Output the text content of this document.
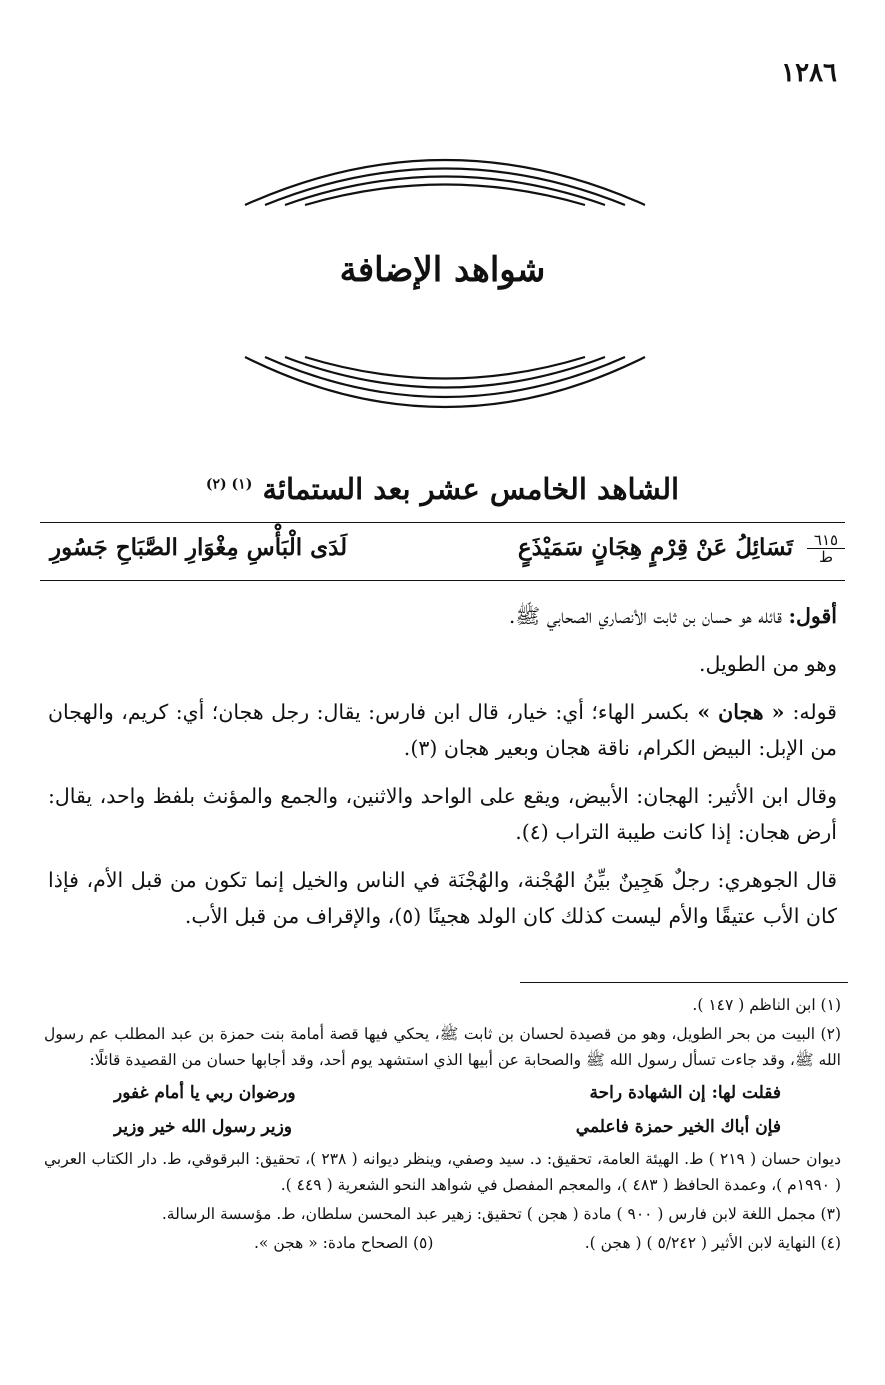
١٢٨٦
شواهد الإضافة
الشاهد الخامس عشر بعد الستمائة $^{(١) (٢)}$
٦١٥
ط
تَسَائِلُ عَنْ قِرْمٍ هِجَانٍ سَمَيْذَعٍ
لَدَى الْبَأْسِ مِغْوَارِ الصَّبَاحِ جَسُورِ

أقول: قائله هو حسان بن ثابت الأنصاري الصحابي ﷺ.

وهو من الطويل.

قوله: « هجان » بكسر الهاء؛ أي: خيار، قال ابن فارس: يقال: رجل هجان؛ أي: كريم، والهجان من الإبل: البيض الكرام، ناقة هجان وبعير هجان (٣).

وقال ابن الأثير: الهجان: الأبيض، ويقع على الواحد والاثنين، والجمع والمؤنث بلفظ واحد، يقال: أرض هجان: إذا كانت طيبة التراب (٤).

قال الجوهري: رجلٌ هَجِينٌ بيِّنُ الهُجْنة، والهُجْنَة في الناس والخيل إنما تكون من قبل الأم، فإذا كان الأب عتيقًا والأم ليست كذلك كان الولد هجينًا (٥)، والإقراف من قبل الأب.

(١) ابن الناظم ( ١٤٧ ).

(٢) البيت من بحر الطويل، وهو من قصيدة لحسان بن ثابت ﷺ، يحكي فيها قصة أمامة بنت حمزة بن عبد المطلب عم رسول الله ﷺ، وقد جاءت تسأل رسول الله ﷺ والصحابة عن أبيها الذي استشهد يوم أحد، وقد أجابها حسان من القصيدة قائلًا:

فقلت لها: إن الشهادة راحة
ورضوان ربي يا أمام غفور
فإن أباك الخير حمزة فاعلمي
وزير رسول الله خير وزير

ديوان حسان ( ٢١٩ ) ط. الهيئة العامة، تحقيق: د. سيد وصفي، وينظر ديوانه ( ٢٣٨ )، تحقيق: البرقوقي، ط. دار الكتاب العربي ( ١٩٩٠م )، وعمدة الحافظ ( ٤٨٣ )، والمعجم المفصل في شواهد النحو الشعرية ( ٤٤٩ ).

(٣) مجمل اللغة لابن فارس ( ٩٠٠ ) مادة ( هجن ) تحقيق: زهير عبد المحسن سلطان، ط. مؤسسة الرسالة.

(٤) النهاية لابن الأثير ( ٥/٢٤٢ ) ( هجن ).
(٥) الصحاح مادة: « هجن ».
